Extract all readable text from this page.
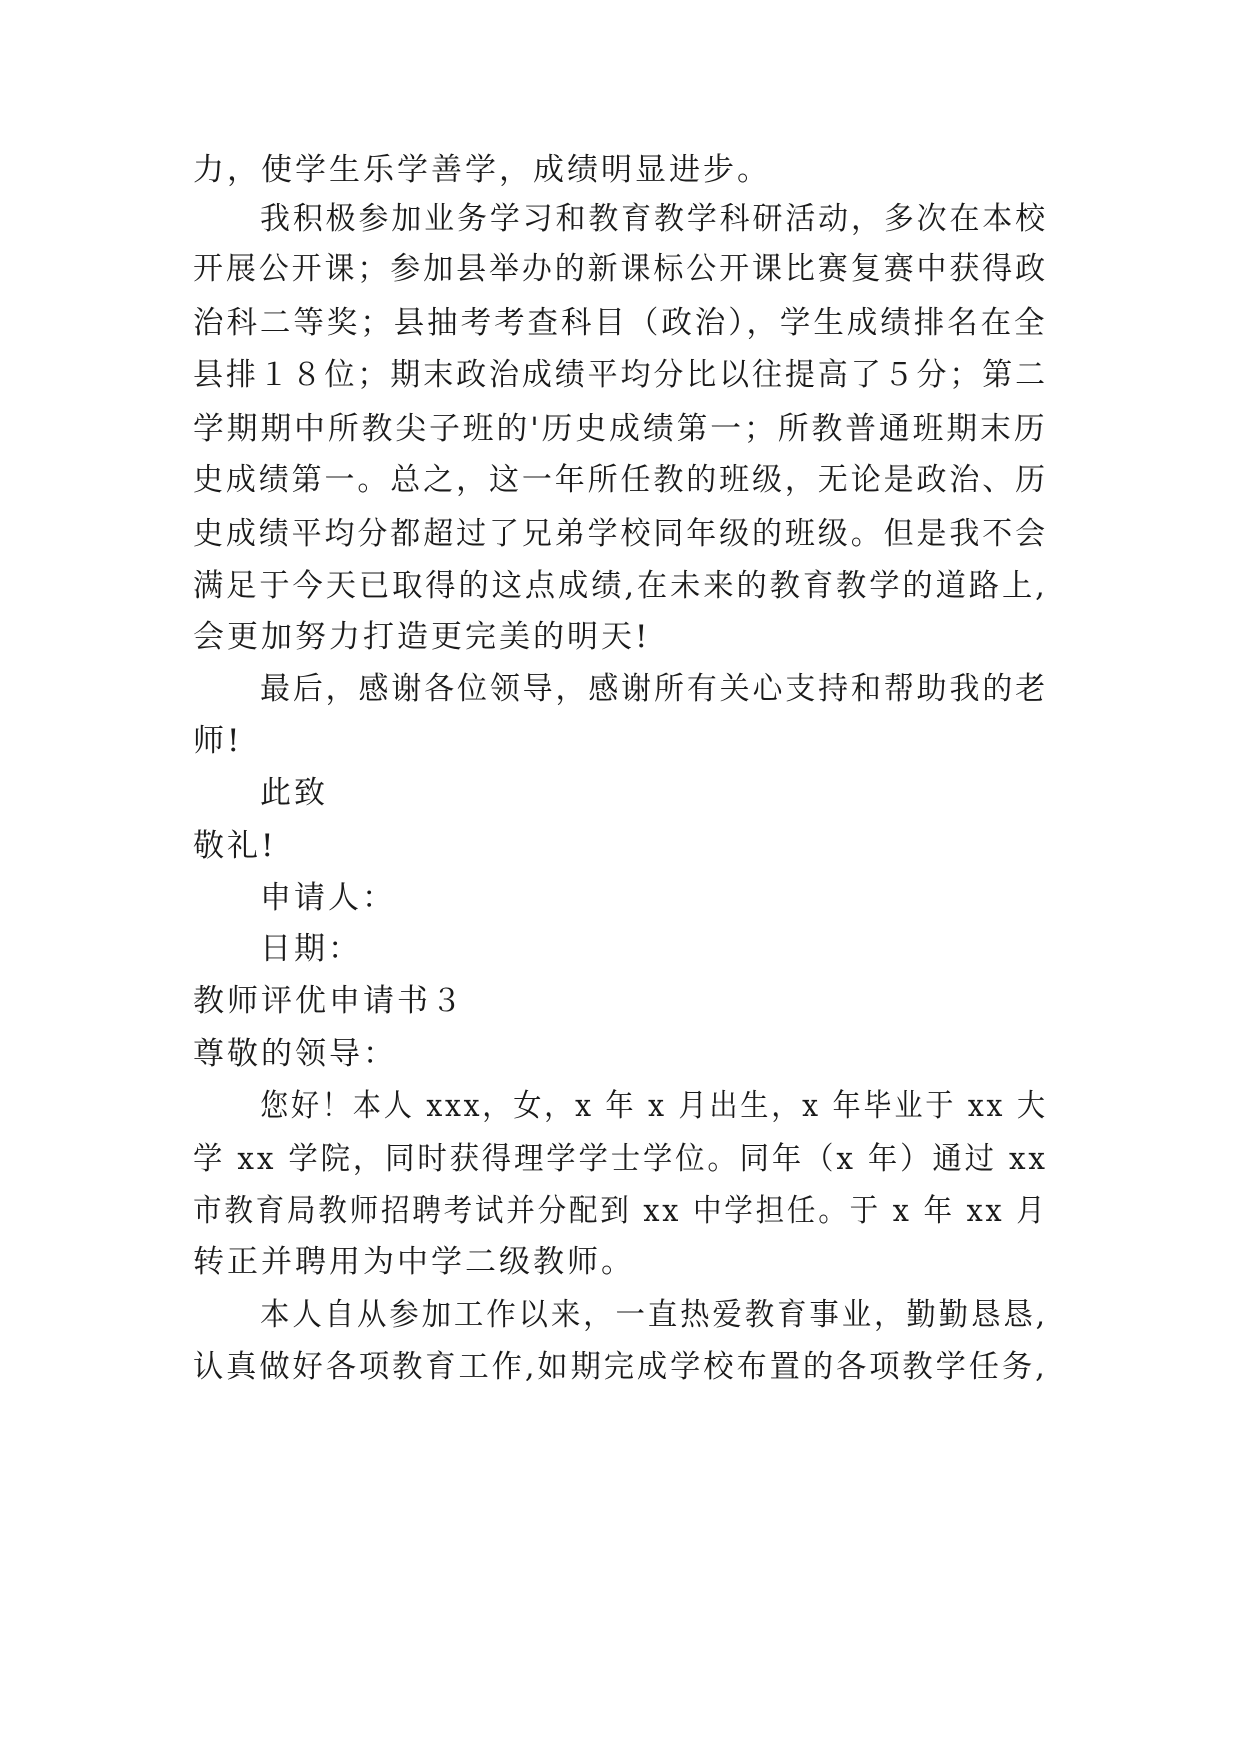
力，使学生乐学善学，成绩明显进步。
我积极参加业务学习和教育教学科研活动，多次在本校
开展公开课；参加县举办的新课标公开课比赛复赛中获得政
治科二等奖；县抽考考查科目（政治），学生成绩排名在全
县排１８位；期末政治成绩平均分比以往提高了５分；第二
学期期中所教尖子班的'历史成绩第一；所教普通班期末历
史成绩第一。总之，这一年所任教的班级，无论是政治、历
史成绩平均分都超过了兄弟学校同年级的班级。但是我不会
满足于今天已取得的这点成绩,在未来的教育教学的道路上,
会更加努力打造更完美的明天!
最后，感谢各位领导，感谢所有关心支持和帮助我的老
师!
此致
敬礼!
申请人：
日期：
教师评优申请书３
尊敬的领导：
您好！本人 xxx，女，x 年 x 月出生，x 年毕业于 xx 大
学 xx 学院，同时获得理学学士学位。同年（x 年）通过 xx
市教育局教师招聘考试并分配到 xx 中学担任。于 x 年 xx 月
转正并聘用为中学二级教师。
本人自从参加工作以来，一直热爱教育事业，勤勤恳恳,
认真做好各项教育工作,如期完成学校布置的各项教学任务,
